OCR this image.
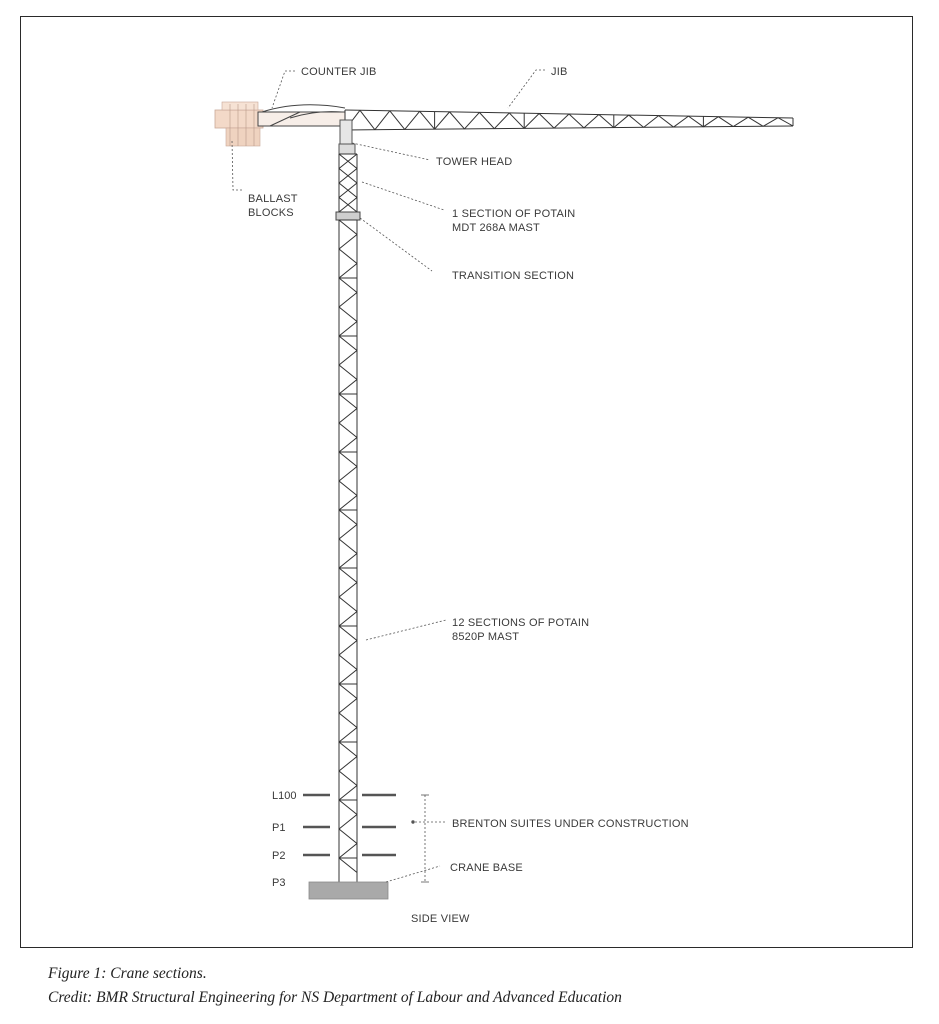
COUNTER JIB	JIB
TOWER HEAD
BALLAST
BLOCKS	1 SECTION OF POTAIN
MDT 268A MAST
TRANSITION SECTION
12 SECTIONS OF POTAIN
8520P MAST
BRENTON SUITES UNDER CONSTRUCTION
CRANE BASE
SIDE VIEW
L100
P1
P2
P3
Figure 1: Crane sections.
Credit: BMR Structural Engineering for NS Department of Labour and Advanced Education
